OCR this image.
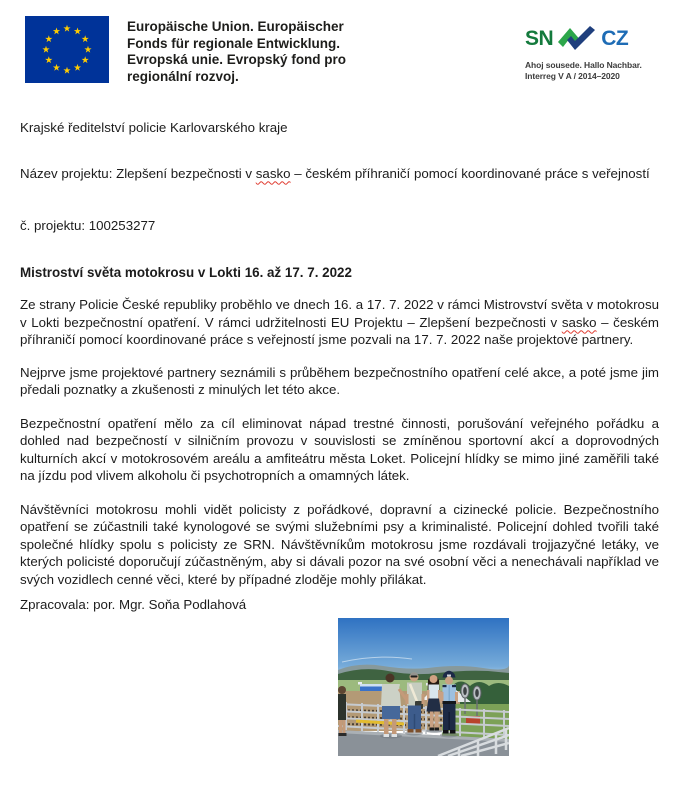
Europäische Union. Europäischer
Fonds für regionale Entwicklung.
Evropská unie. Evropský fond pro
regionální rozvoj.
SN CZ
Ahoj sousede. Hallo Nachbar.
Interreg V A / 2014–2020

Krajské ředitelství policie Karlovarského kraje

Název projektu: Zlepšení bezpečnosti v sasko – českém příhraničí pomocí koordinované práce s veřejností

č. projektu: 100253277

Mistroství světa motokrosu v Lokti 16. až 17. 7. 2022

Ze strany Policie České republiky proběhlo ve dnech 16. a 17. 7. 2022 v rámci Mistrovství světa v motokrosu v Lokti bezpečnostní opatření. V rámci udržitelnosti EU Projektu – Zlepšení bezpečnosti v sasko – českém příhraničí pomocí koordinované práce s veřejností jsme pozvali na 17. 7. 2022 naše projektové partnery.

Nejprve jsme projektové partnery seznámili s průběhem bezpečnostního opatření celé akce, a poté jsme jim předali poznatky a zkušenosti z minulých let této akce.

Bezpečnostní opatření mělo za cíl eliminovat nápad trestné činnosti, porušování veřejného pořádku a dohled nad bezpečností v silničním provozu v souvislosti se zmíněnou sportovní akcí a doprovodných kulturních akcí v motokrosovém areálu a amfiteátru města Loket. Policejní hlídky se mimo jiné zaměřili také na jízdu pod vlivem alkoholu či psychotropních a omamných látek.

Návštěvníci motokrosu mohli vidět policisty z pořádkové, dopravní a cizinecké policie. Bezpečnostního opatření se zúčastnili také kynologové se svými služebními psy a kriminalisté. Policejní dohled tvořili také společné hlídky spolu s policisty ze SRN. Návštěvníkům motokrosu jsme rozdávali trojjazyčné letáky, ve kterých policisté doporučují zúčastněným, aby si dávali pozor na své osobní věci a nenechávali například ve svých vozidlech cenné věci, které by případné zloděje mohly přilákat.

Zpracovala: por. Mgr. Soňa Podlahová
